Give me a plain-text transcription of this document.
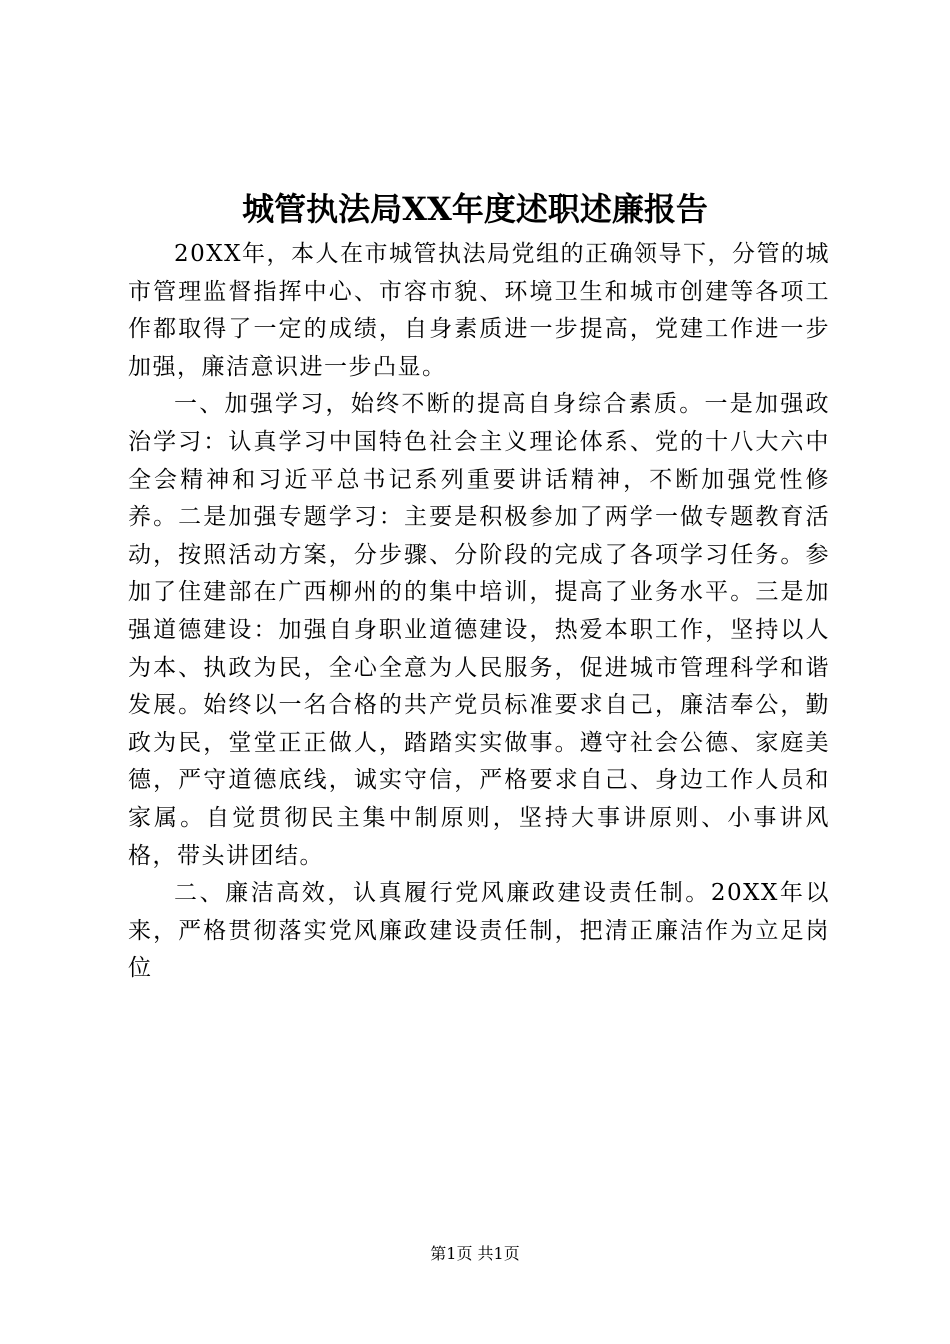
城管执法局XX年度述职述廉报告

20XX年，本人在市城管执法局党组的正确领导下，分管的城市管理监督指挥中心、市容市貌、环境卫生和城市创建等各项工作都取得了一定的成绩，自身素质进一步提高，党建工作进一步加强，廉洁意识进一步凸显。

一、加强学习，始终不断的提高自身综合素质。一是加强政治学习：认真学习中国特色社会主义理论体系、党的十八大六中全会精神和习近平总书记系列重要讲话精神，不断加强党性修养。二是加强专题学习：主要是积极参加了两学一做专题教育活动，按照活动方案，分步骤、分阶段的完成了各项学习任务。参加了住建部在广西柳州的的集中培训，提高了业务水平。三是加强道德建设：加强自身职业道德建设，热爱本职工作，坚持以人为本、执政为民，全心全意为人民服务，促进城市管理科学和谐发展。始终以一名合格的共产党员标准要求自己，廉洁奉公，勤政为民，堂堂正正做人，踏踏实实做事。遵守社会公德、家庭美德，严守道德底线，诚实守信，严格要求自己、身边工作人员和家属。自觉贯彻民主集中制原则，坚持大事讲原则、小事讲风格，带头讲团结。

二、廉洁高效，认真履行党风廉政建设责任制。20XX年以来，严格贯彻落实党风廉政建设责任制，把清正廉洁作为立足岗位

第1页 共1页
